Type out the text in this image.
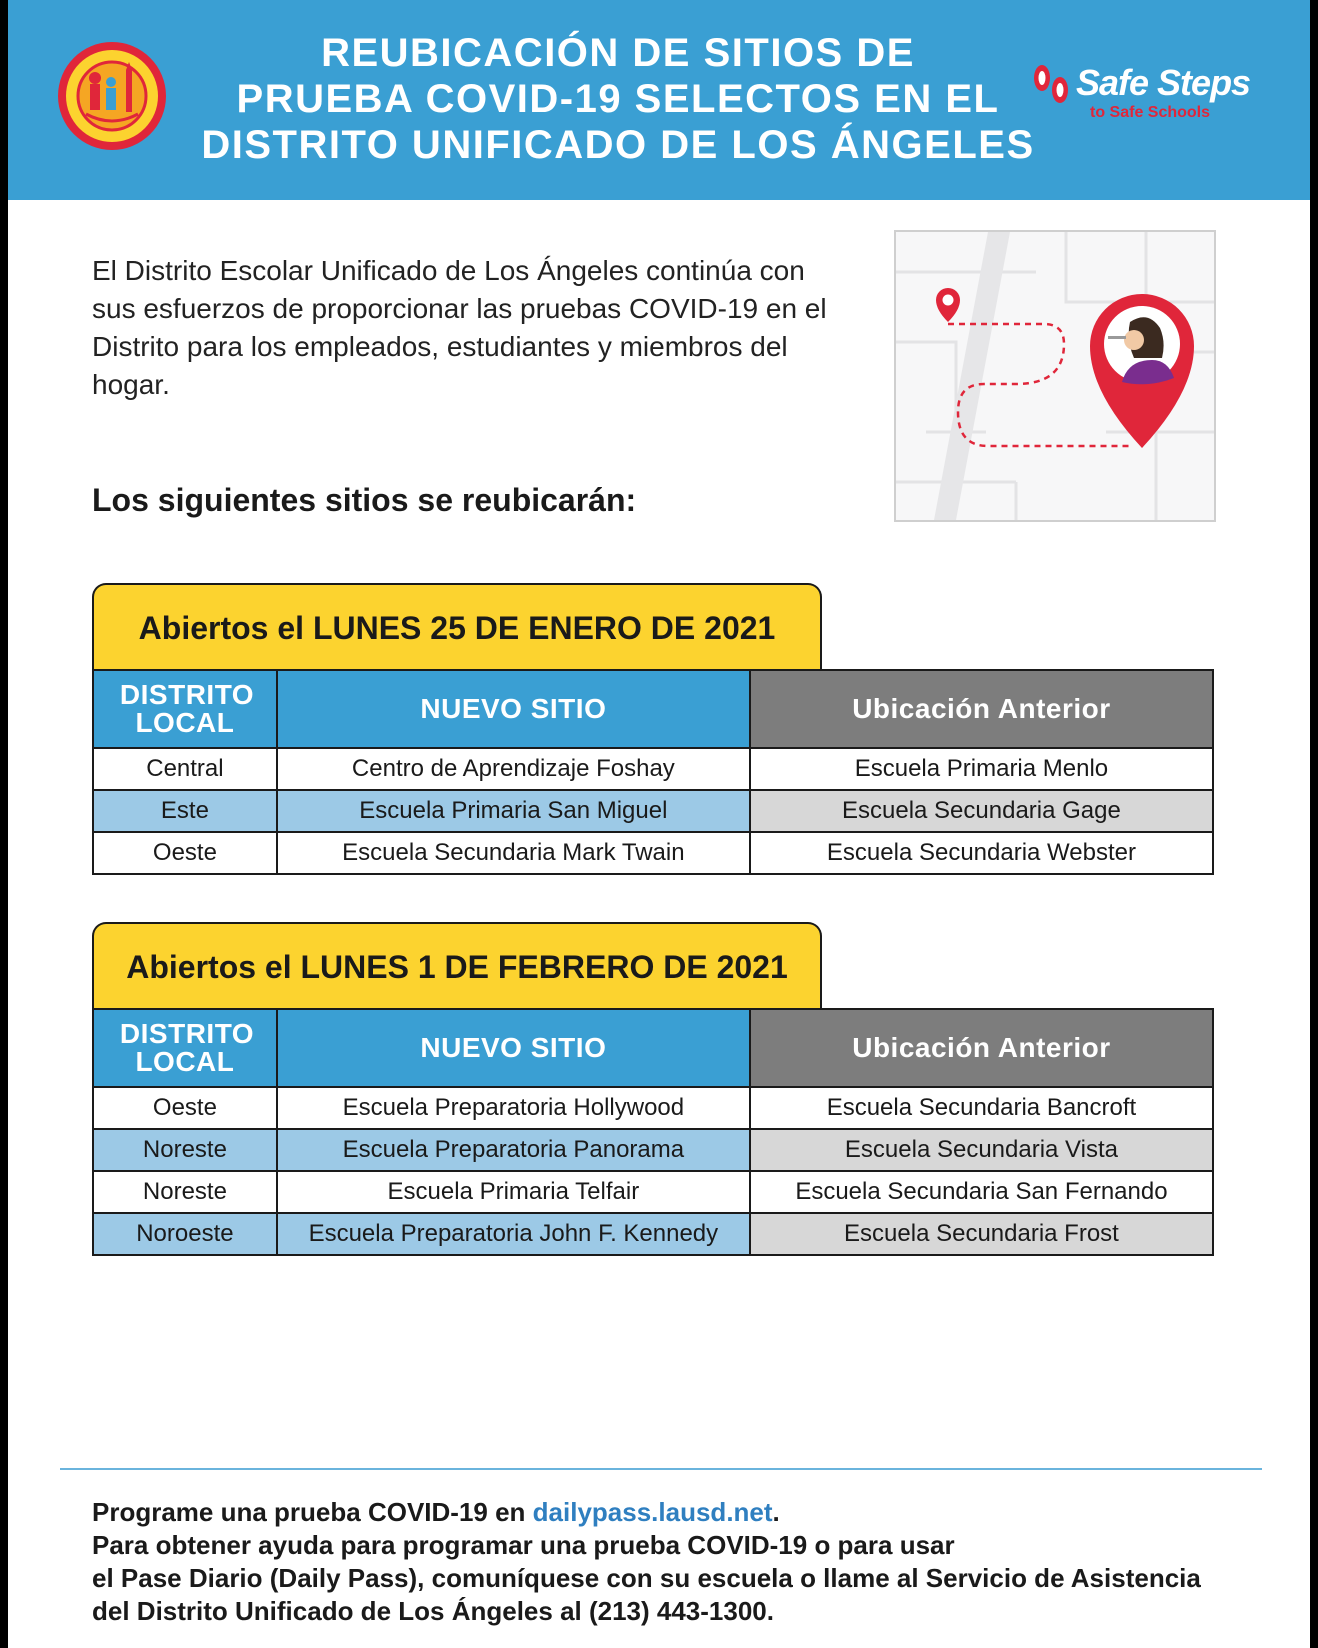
REUBICACIÓN DE SITIOS DE
PRUEBA COVID-19 SELECTOS EN EL
DISTRITO UNIFICADO DE LOS ÁNGELES
Safe Steps
to Safe Schools

El Distrito Escolar Unificado de Los Ángeles continúa con sus esfuerzos de proporcionar las pruebas COVID-19 en el Distrito para los empleados, estudiantes y miembros del hogar.

Los siguientes sitios se reubicarán:
Abiertos el LUNES 25 DE ENERO DE 2021
DISTRITO LOCAL	NUEVO SITIO	Ubicación Anterior
Central	Centro de Aprendizaje Foshay	Escuela Primaria Menlo
Este	Escuela Primaria San Miguel	Escuela Secundaria Gage
Oeste	Escuela Secundaria Mark Twain	Escuela Secundaria Webster
Abiertos el LUNES 1 DE FEBRERO DE 2021
DISTRITO LOCAL	NUEVO SITIO	Ubicación Anterior
Oeste	Escuela Preparatoria Hollywood	Escuela Secundaria Bancroft
Noreste	Escuela Preparatoria Panorama	Escuela Secundaria Vista
Noreste	Escuela Primaria Telfair	Escuela Secundaria San Fernando
Noroeste	Escuela Preparatoria John F. Kennedy	Escuela Secundaria Frost
Programe una prueba COVID-19 en dailypass.lausd.net.
Para obtener ayuda para programar una prueba COVID-19 o para usar
el Pase Diario (Daily Pass), comuníquese con su escuela o llame al Servicio de Asistencia
del Distrito Unificado de Los Ángeles al (213) 443-1300.
